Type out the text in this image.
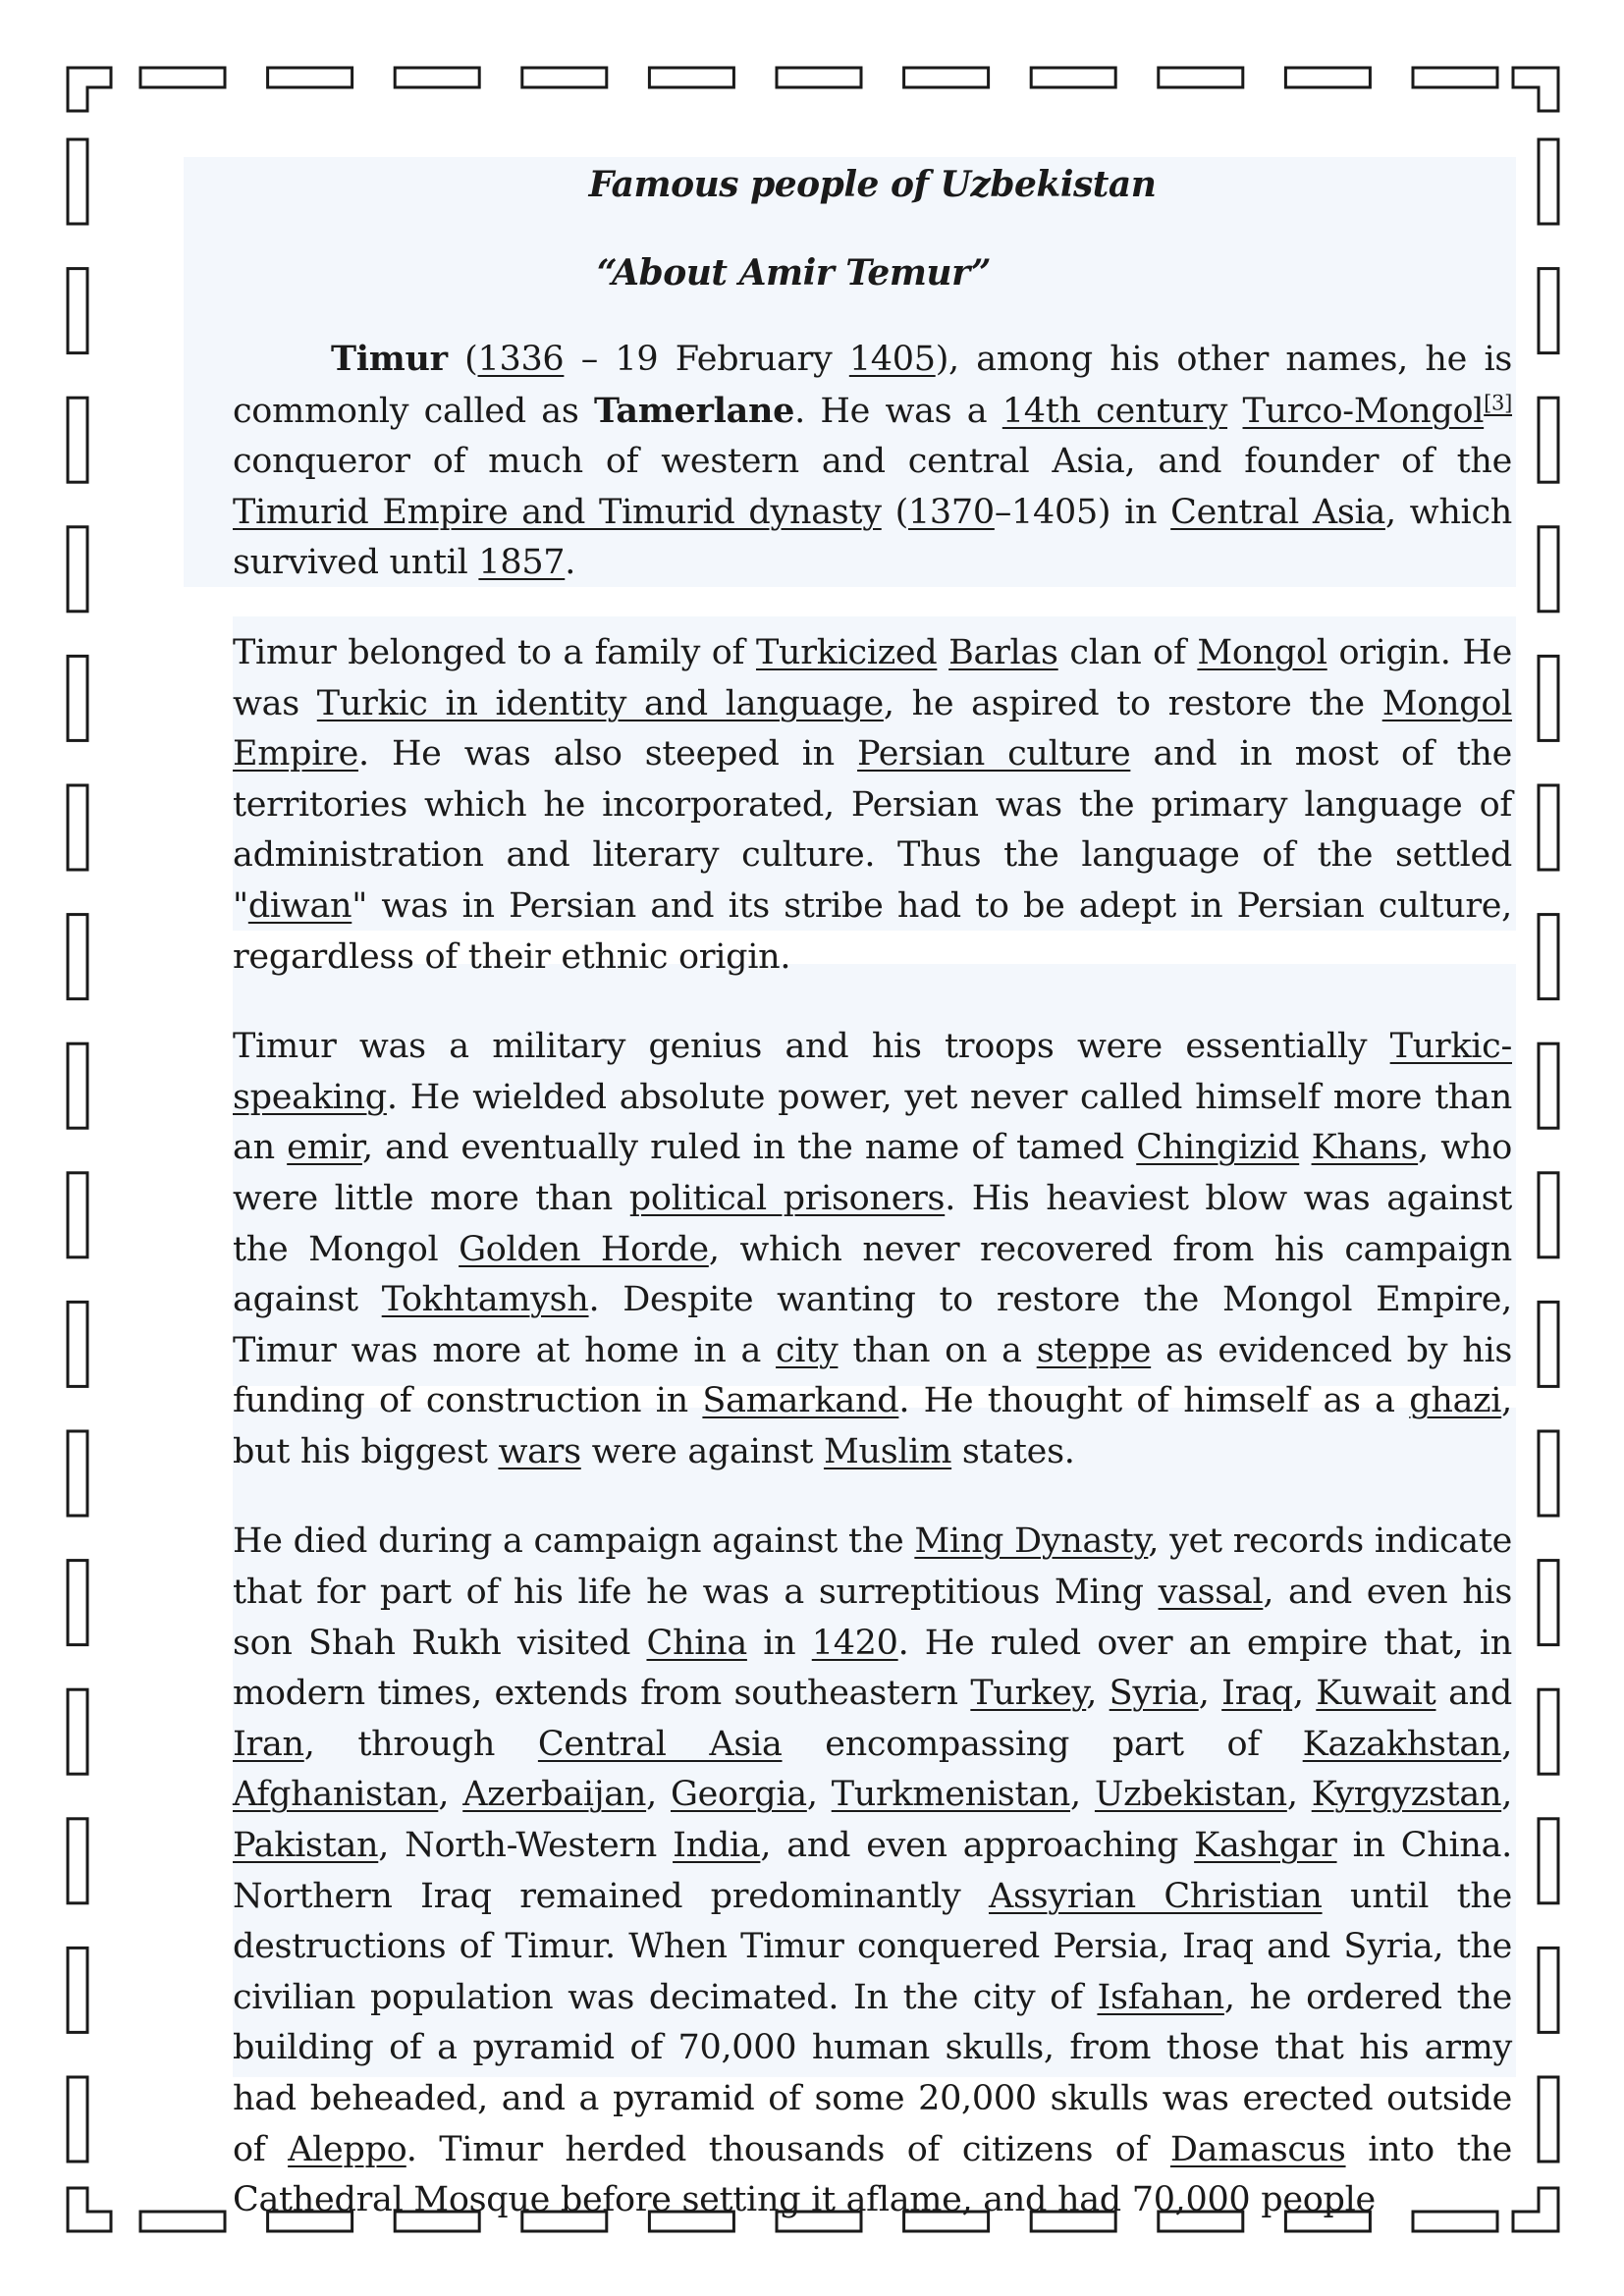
Famous people of Uzbekistan

“About Amir Temur”

Timur (1336 – 19 February 1405), among his other names, he is commonly called as Tamerlane. He was a 14th century Turco-Mongol[3] conqueror of much of western and central Asia, and founder of the Timurid Empire and Timurid dynasty (1370–1405) in Central Asia, which survived until 1857.

Timur belonged to a family of Turkicized Barlas clan of Mongol origin. He was Turkic in identity and language, he aspired to restore the Mongol Empire. He was also steeped in Persian culture and in most of the territories which he incorporated, Persian was the primary language of administration and literary culture. Thus the language of the settled "diwan" was in Persian and its stribe had to be adept in Persian culture, regardless of their ethnic origin.

Timur was a military genius and his troops were essentially Turkic-speaking. He wielded absolute power, yet never called himself more than an emir, and eventually ruled in the name of tamed Chingizid Khans, who were little more than political prisoners. His heaviest blow was against the Mongol Golden Horde, which never recovered from his campaign against Tokhtamysh. Despite wanting to restore the Mongol Empire, Timur was more at home in a city than on a steppe as evidenced by his funding of construction in Samarkand. He thought of himself as a ghazi, but his biggest wars were against Muslim states.

He died during a campaign against the Ming Dynasty, yet records indicate that for part of his life he was a surreptitious Ming vassal, and even his son Shah Rukh visited China in 1420. He ruled over an empire that, in modern times, extends from southeastern Turkey, Syria, Iraq, Kuwait and Iran, through Central Asia encompassing part of Kazakhstan, Afghanistan, Azerbaijan, Georgia, Turkmenistan, Uzbekistan, Kyrgyzstan, Pakistan, North-Western India, and even approaching Kashgar in China. Northern Iraq remained predominantly Assyrian Christian until the destructions of Timur. When Timur conquered Persia, Iraq and Syria, the civilian population was decimated. In the city of Isfahan, he ordered the building of a pyramid of 70,000 human skulls, from those that his army had beheaded, and a pyramid of some 20,000 skulls was erected outside of Aleppo. Timur herded thousands of citizens of Damascus into the Cathedral Mosque before setting it aflame, and had 70,000 people
